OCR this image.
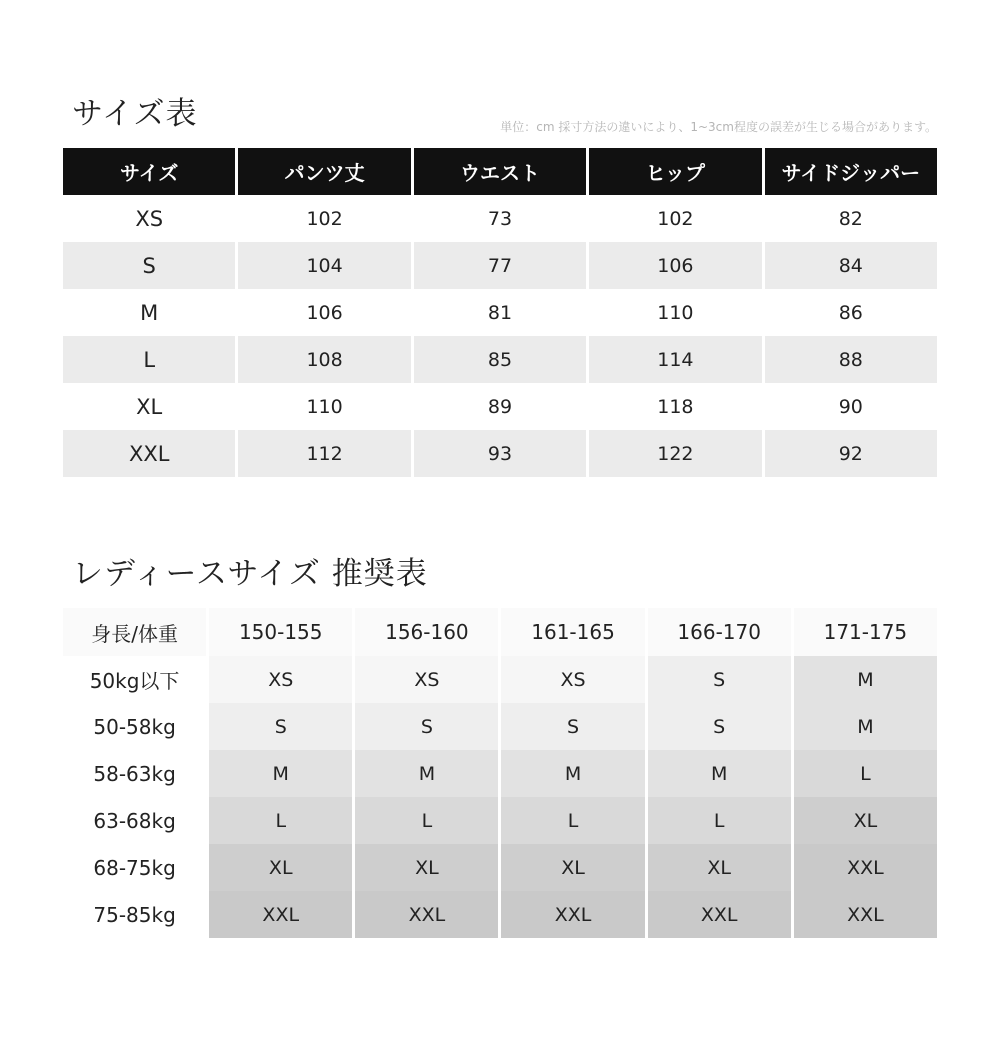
サイズ表	単位：cm 採寸方法の違いにより、1~3cm程度の誤差が生じる場合があります。
サイズ	パンツ丈	ウエスト	ヒップ	サイドジッパー
XS	102	73	102	82
S	104	77	106	84
M	106	81	110	86
L	108	85	114	88
XL	110	89	118	90
XXL	112	93	122	92
レディースサイズ 推奨表
身長/体重	150-155	156-160	161-165	166-170	171-175
50kg以下	XS	XS	XS	S	M
50-58kg	S	S	S	S	M
58-63kg	M	M	M	M	L
63-68kg	L	L	L	L	XL
68-75kg	XL	XL	XL	XL	XXL
75-85kg	XXL	XXL	XXL	XXL	XXL
